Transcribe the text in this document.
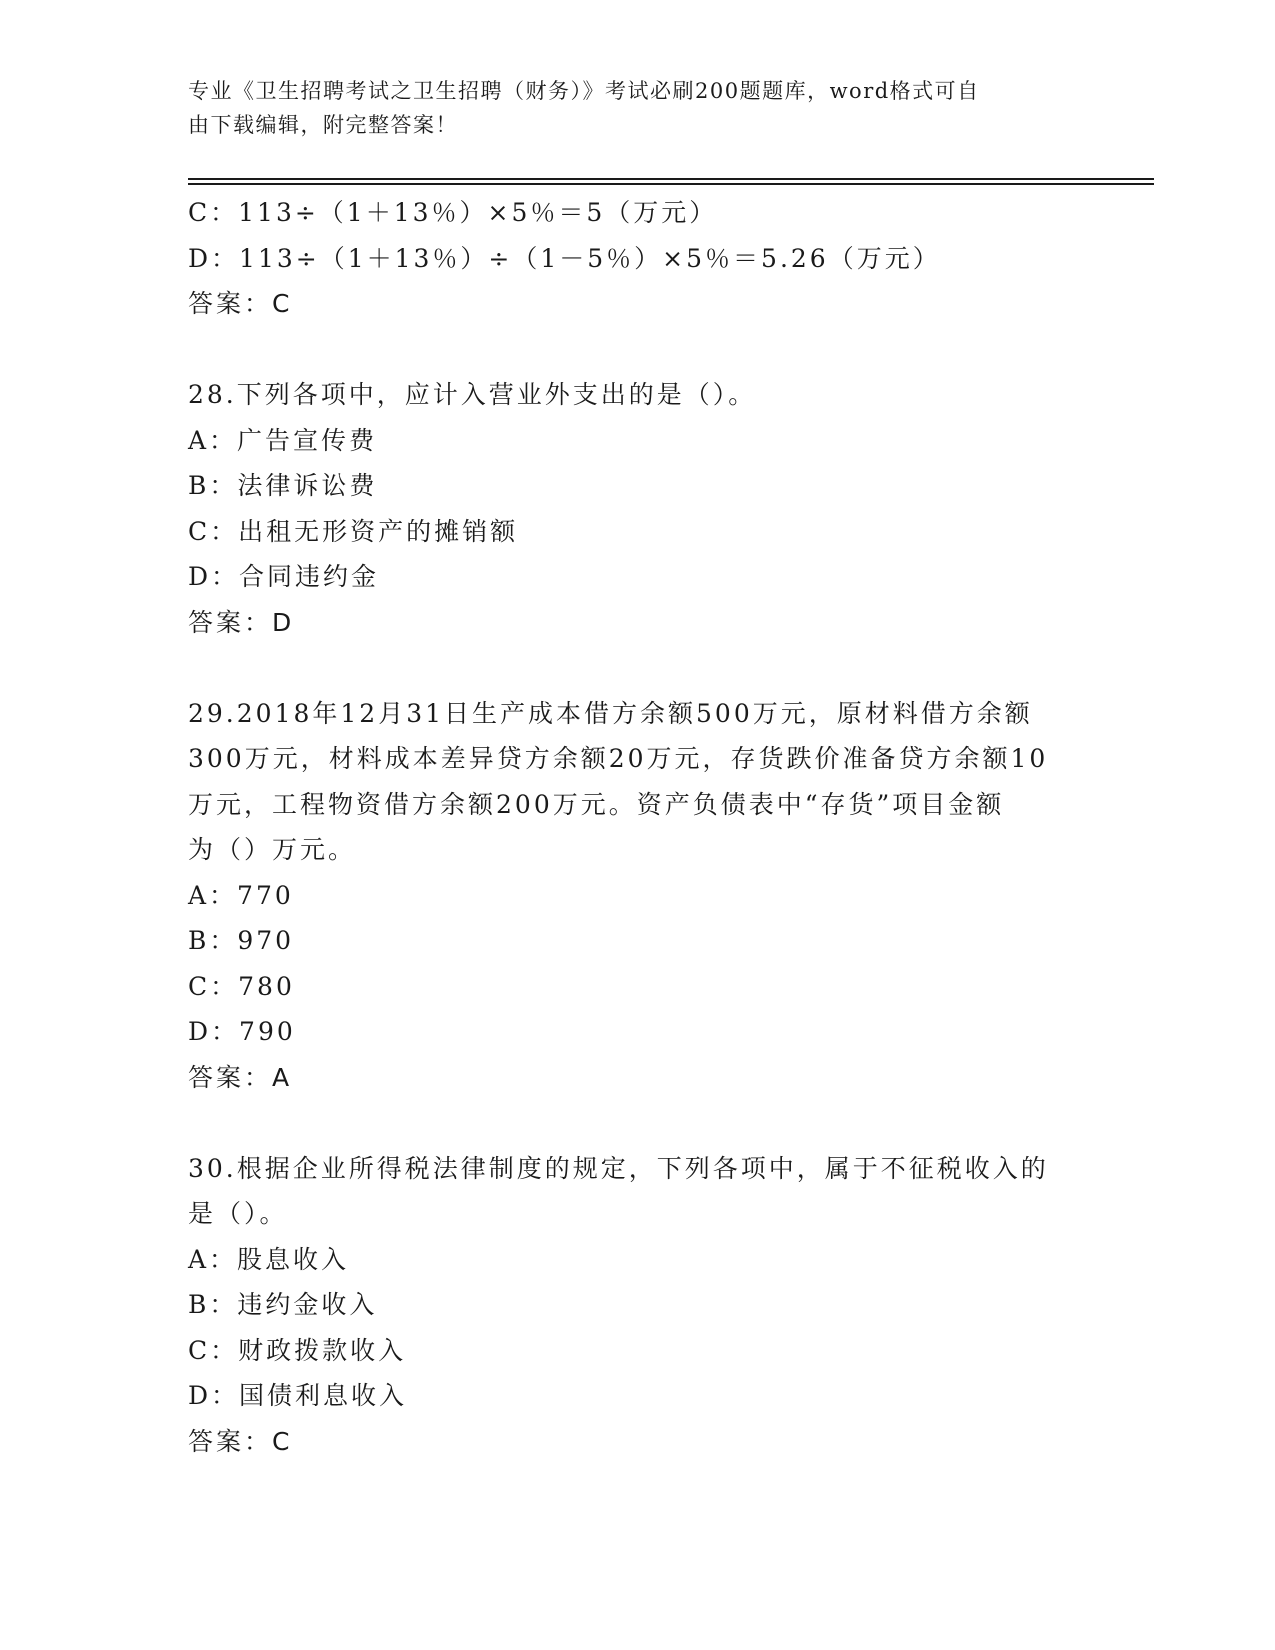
专业《卫生招聘考试之卫生招聘（财务）》考试必刷200题题库，word格式可自
由下载编辑，附完整答案！
C：113÷（1＋13％）×5％＝5（万元）
D：113÷（1＋13％）÷（1－5％）×5％＝5.26（万元）
答案：C
28.下列各项中，应计入营业外支出的是（）。
A：广告宣传费
B：法律诉讼费
C：出租无形资产的摊销额
D：合同违约金
答案：D
29.2018年12月31日生产成本借方余额500万元，原材料借方余额
300万元，材料成本差异贷方余额20万元，存货跌价准备贷方余额10
万元，工程物资借方余额200万元。资产负债表中“存货”项目金额
为（）万元。
A：770
B：970
C：780
D：790
答案：A
30.根据企业所得税法律制度的规定，下列各项中，属于不征税收入的
是（）。
A：股息收入
B：违约金收入
C：财政拨款收入
D：国债利息收入
答案：C
